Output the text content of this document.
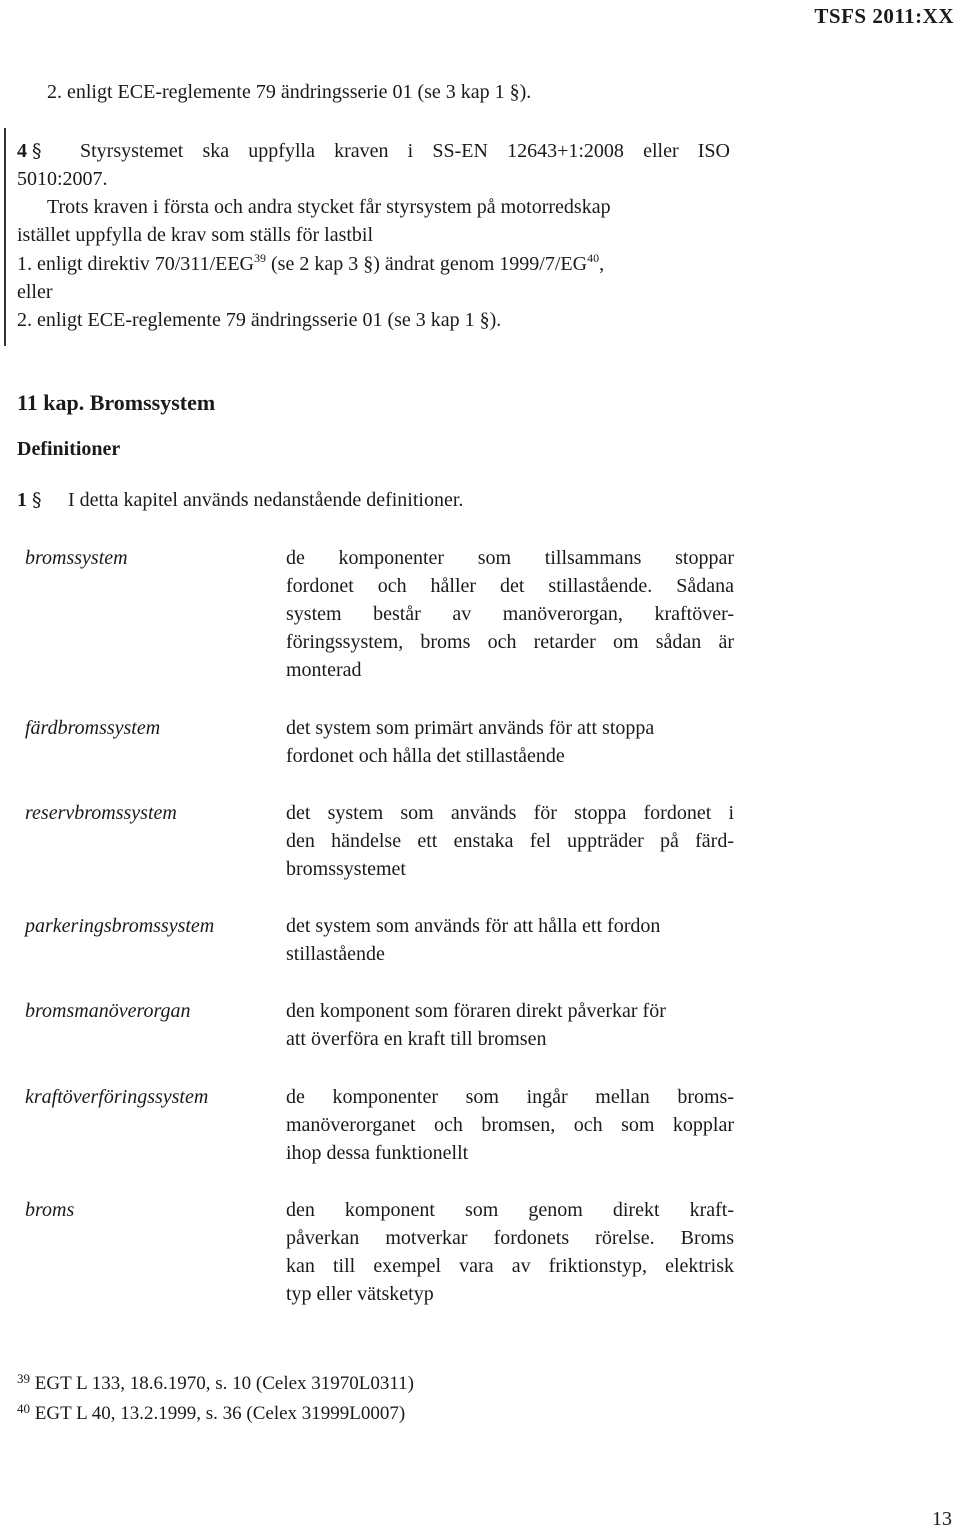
TSFS 2011:XX
2. enligt ECE-reglemente 79 ändringsserie 01 (se 3 kap 1 §).
4 § Styrsystemet ska uppfylla kraven i SS-EN 12643+1:2008 eller ISO
5010:2007.
Trots kraven i första och andra stycket får styrsystem på motorredskap
istället uppfylla de krav som ställs för lastbil
1. enligt direktiv 70/311/EEG$^{39}$ (se 2 kap 3 §) ändrat genom 1999/7/EG$^{40}$,
eller
2. enligt ECE-reglemente 79 ändringsserie 01 (se 3 kap 1 §).
11 kap. Bromssystem
Definitioner
1 § I detta kapitel används nedanstående definitioner.
bromssystem	de komponenter som tillsammans stoppar
fordonet och håller det stillastående. Sådana
system består av manöverorgan, kraftöver-
föringssystem, broms och retarder om sådan är
monterad
färdbromssystem	det system som primärt används för att stoppa
fordonet och hålla det stillastående
reservbromssystem	det system som används för stoppa fordonet i
den händelse ett enstaka fel uppträder på färd-
bromssystemet
parkeringsbromssystem	det system som används för att hålla ett fordon
stillastående
bromsmanöverorgan	den komponent som föraren direkt påverkar för
att överföra en kraft till bromsen
kraftöverföringssystem	de komponenter som ingår mellan broms-
manöverorganet och bromsen, och som kopplar
ihop dessa funktionellt
broms	den komponent som genom direkt kraft-
påverkan motverkar fordonets rörelse. Broms
kan till exempel vara av friktionstyp, elektrisk
typ eller vätsketyp
$^{39}$ EGT L 133, 18.6.1970, s. 10 (Celex 31970L0311)
$^{40}$ EGT L 40, 13.2.1999, s. 36 (Celex 31999L0007)
13
